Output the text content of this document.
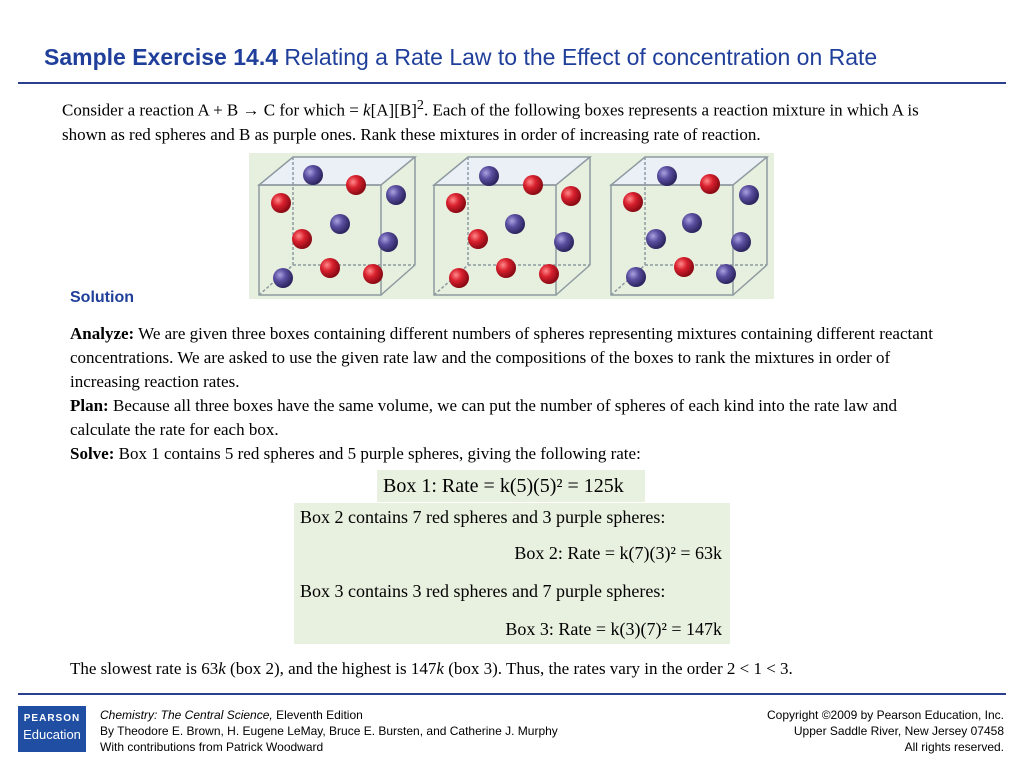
Sample Exercise 14.4 Relating a Rate Law to the Effect of concentration on Rate
Consider a reaction A + B → C for which = $k[A][B]^2$. Each of the following boxes represents a reaction mixture in which A is shown as red spheres and B as purple ones. Rank these mixtures in order of increasing rate of reaction.
Solution

Analyze: We are given three boxes containing different numbers of spheres representing mixtures containing different reactant concentrations. We are asked to use the given rate law and the compositions of the boxes to rank the mixtures in order of increasing reaction rates.

Plan: Because all three boxes have the same volume, we can put the number of spheres of each kind into the rate law and calculate the rate for each box.

Solve: Box 1 contains 5 red spheres and 5 purple spheres, giving the following rate:

Box 1: Rate = k(5)(5)² = 125k
Box 2 contains 7 red spheres and 3 purple spheres:
Box 2: Rate = k(7)(3)² = 63k
Box 3 contains 3 red spheres and 7 purple spheres:
Box 3: Rate = k(3)(7)² = 147k
The slowest rate is 63k (box 2), and the highest is 147k (box 3). Thus, the rates vary in the order 2 < 1 < 3.
PEARSON
Education
Chemistry: The Central Science, Eleventh Edition
By Theodore E. Brown, H. Eugene LeMay, Bruce E. Bursten, and Catherine J. Murphy
With contributions from Patrick Woodward
Copyright ©2009 by Pearson Education, Inc.
Upper Saddle River, New Jersey 07458
All rights reserved.
